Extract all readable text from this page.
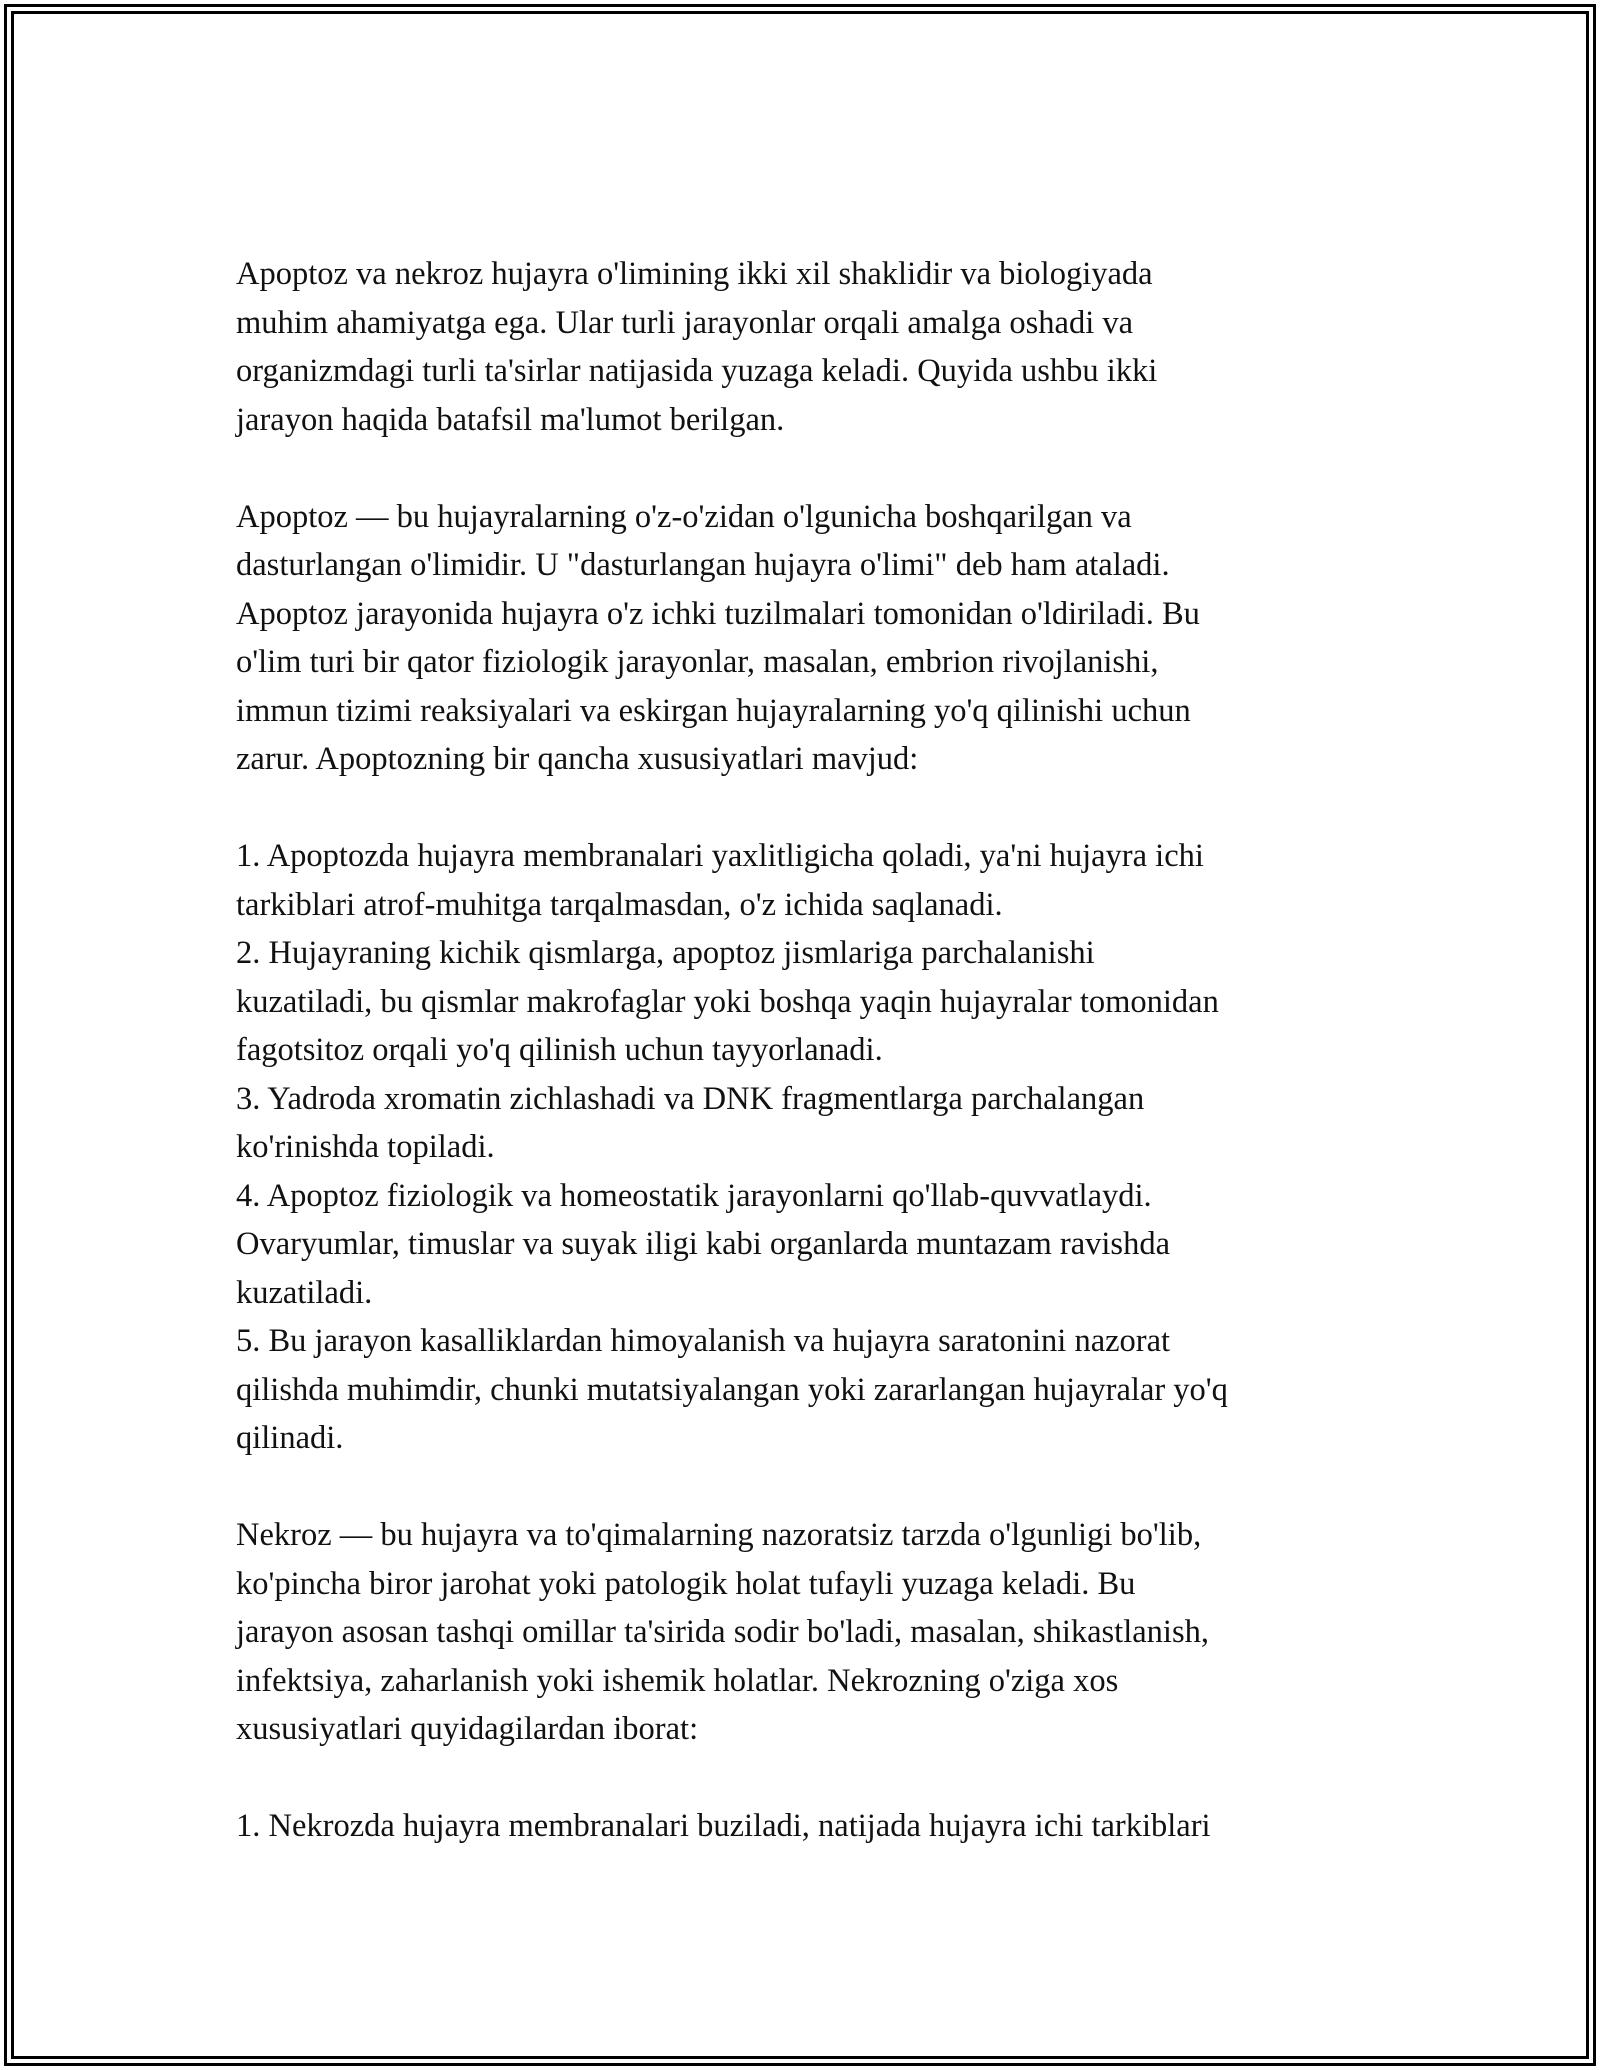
Apoptoz va nekroz hujayra o'limining ikki xil shaklidir va biologiyada
muhim ahamiyatga ega. Ular turli jarayonlar orqali amalga oshadi va
organizmdagi turli ta'sirlar natijasida yuzaga keladi. Quyida ushbu ikki
jarayon haqida batafsil ma'lumot berilgan.

Apoptoz — bu hujayralarning o'z-o'zidan o'lgunicha boshqarilgan va
dasturlangan o'limidir. U "dasturlangan hujayra o'limi" deb ham ataladi.
Apoptoz jarayonida hujayra o'z ichki tuzilmalari tomonidan o'ldiriladi. Bu
o'lim turi bir qator fiziologik jarayonlar, masalan, embrion rivojlanishi,
immun tizimi reaksiyalari va eskirgan hujayralarning yo'q qilinishi uchun
zarur. Apoptozning bir qancha xususiyatlari mavjud:

1. Apoptozda hujayra membranalari yaxlitligicha qoladi, ya'ni hujayra ichi
tarkiblari atrof-muhitga tarqalmasdan, o'z ichida saqlanadi.

2. Hujayraning kichik qismlarga, apoptoz jismlariga parchalanishi
kuzatiladi, bu qismlar makrofaglar yoki boshqa yaqin hujayralar tomonidan
fagotsitoz orqali yo'q qilinish uchun tayyorlanadi.

3. Yadroda xromatin zichlashadi va DNK fragmentlarga parchalangan
ko'rinishda topiladi.

4. Apoptoz fiziologik va homeostatik jarayonlarni qo'llab-quvvatlaydi.
Ovaryumlar, timuslar va suyak iligi kabi organlarda muntazam ravishda
kuzatiladi.

5. Bu jarayon kasalliklardan himoyalanish va hujayra saratonini nazorat
qilishda muhimdir, chunki mutatsiyalangan yoki zararlangan hujayralar yo'q
qilinadi.

Nekroz — bu hujayra va to'qimalarning nazoratsiz tarzda o'lgunligi bo'lib,
ko'pincha biror jarohat yoki patologik holat tufayli yuzaga keladi. Bu
jarayon asosan tashqi omillar ta'sirida sodir bo'ladi, masalan, shikastlanish,
infektsiya, zaharlanish yoki ishemik holatlar. Nekrozning o'ziga xos
xususiyatlari quyidagilardan iborat:

1. Nekrozda hujayra membranalari buziladi, natijada hujayra ichi tarkiblari
